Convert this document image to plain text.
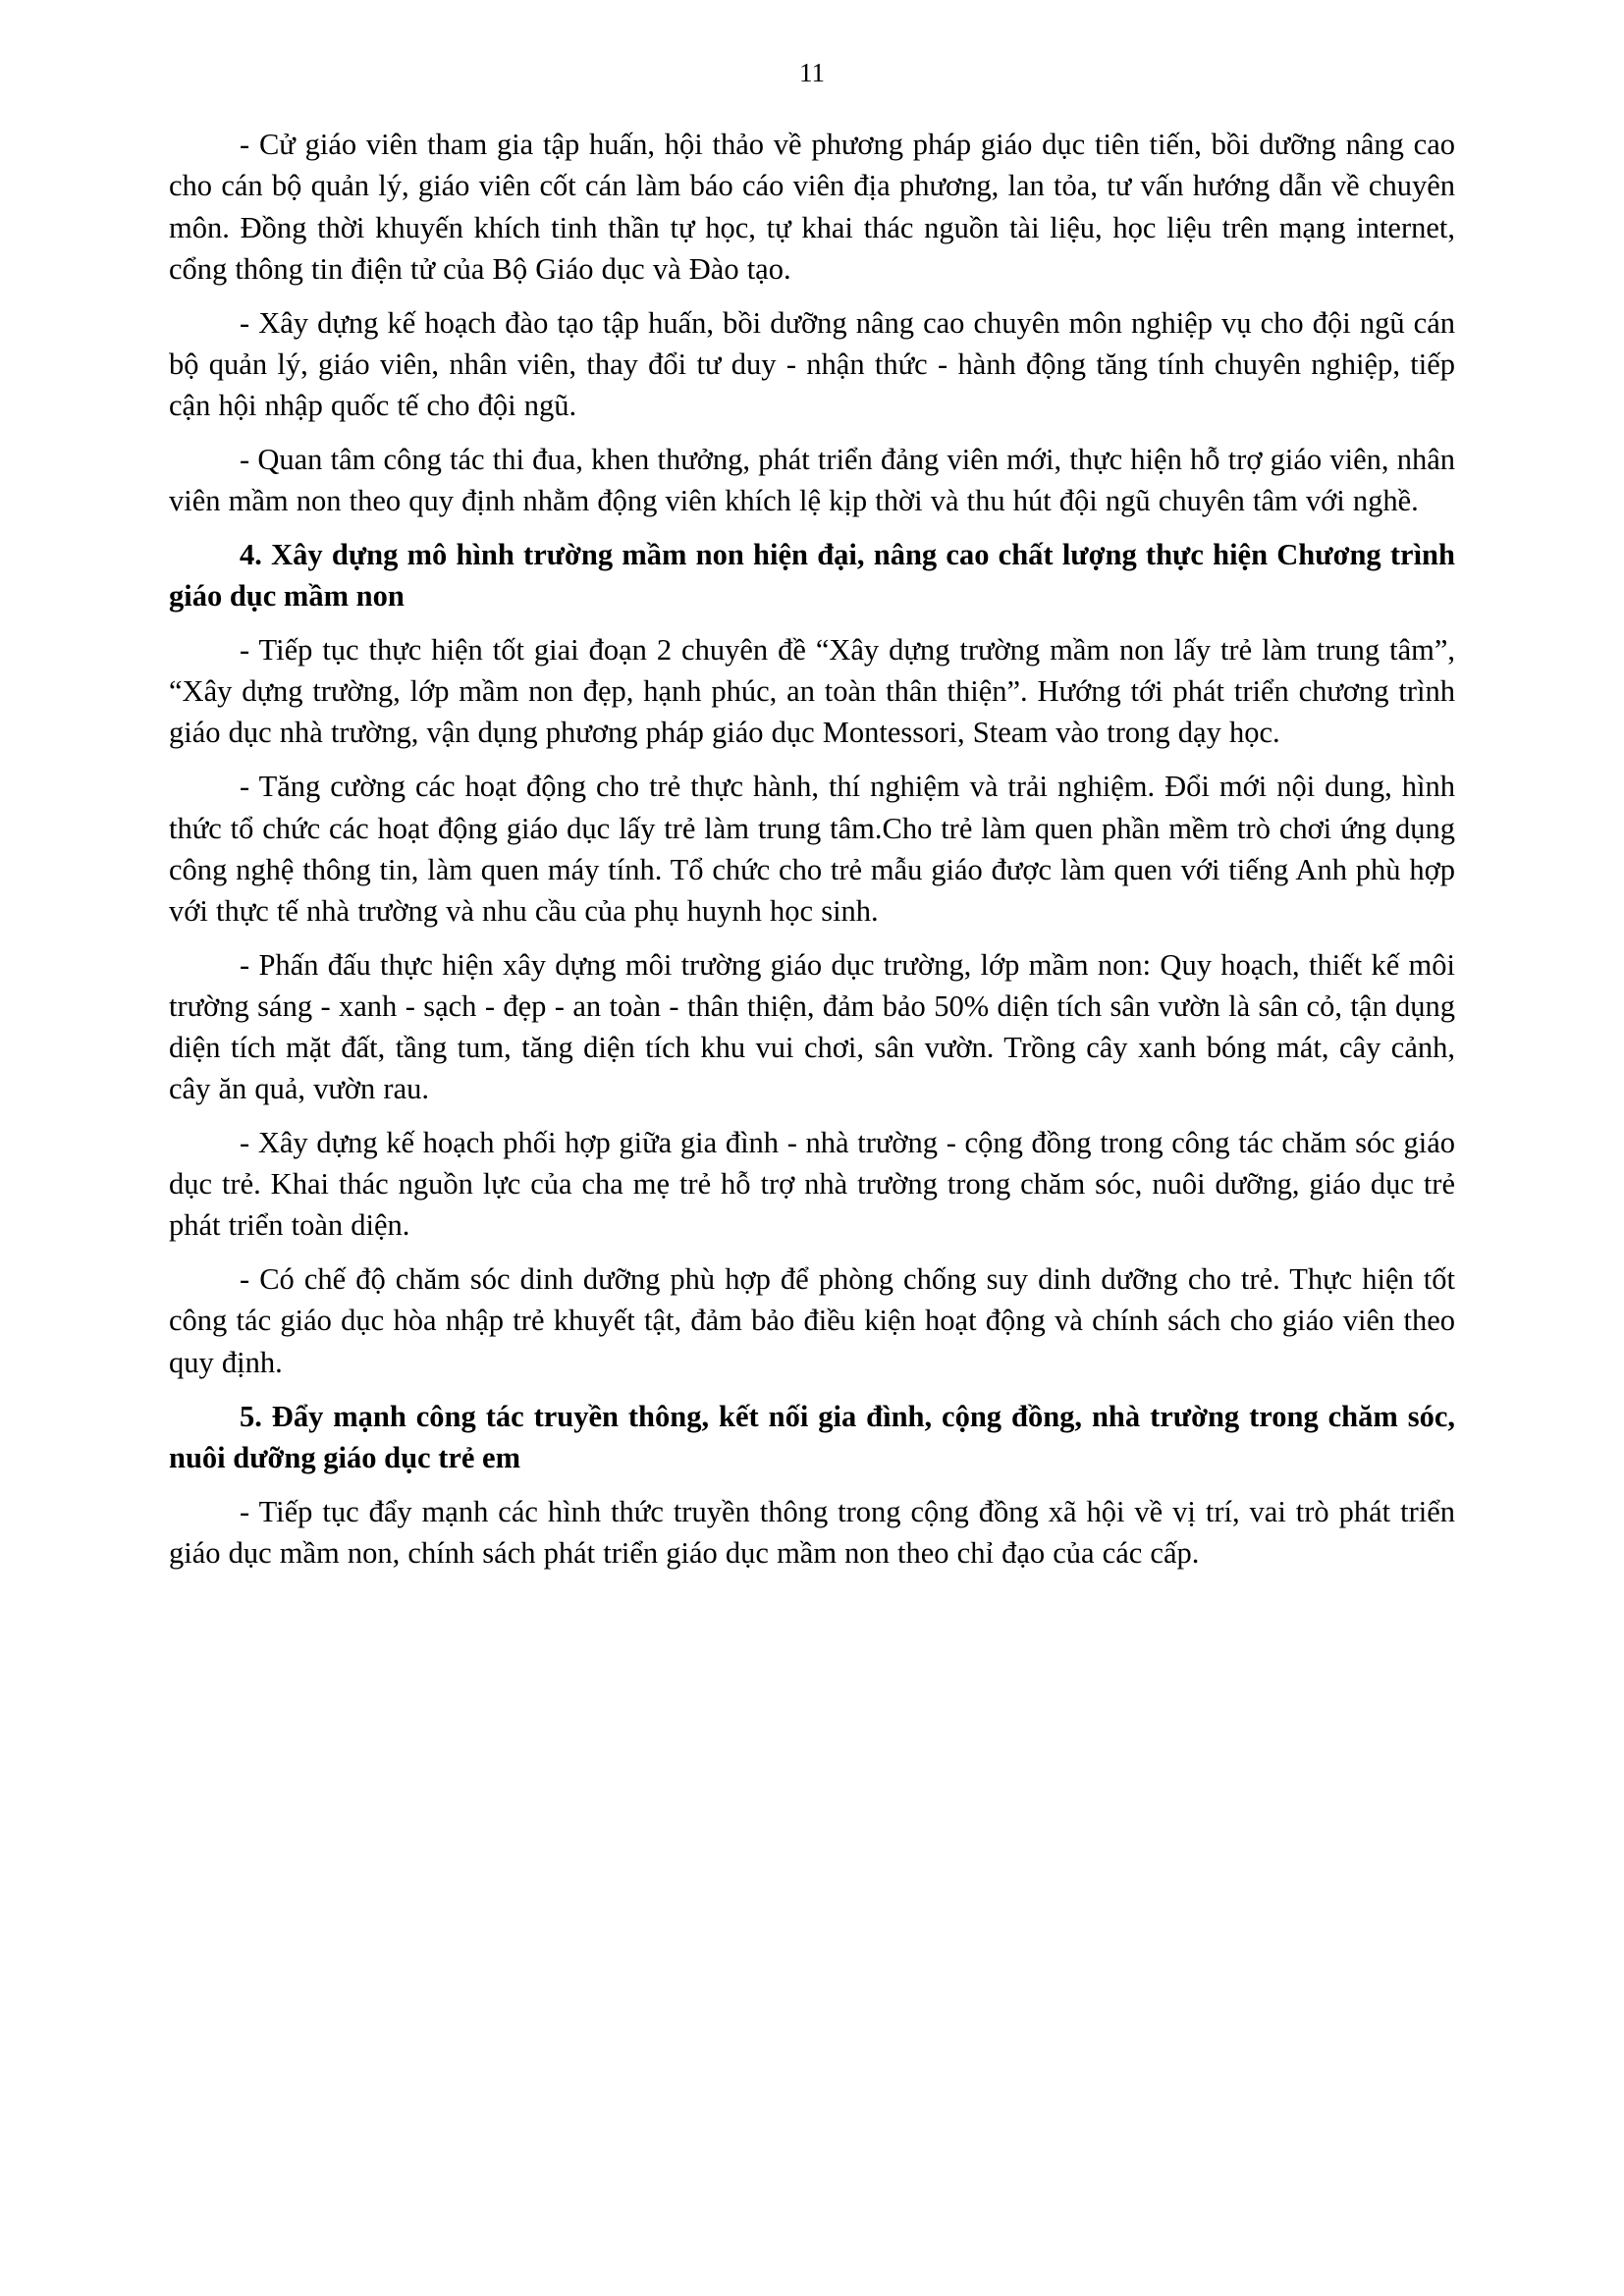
11

- Cử giáo viên tham gia tập huấn, hội thảo về phương pháp giáo dục tiên tiến, bồi dưỡng nâng cao cho cán bộ quản lý, giáo viên cốt cán làm báo cáo viên địa phương, lan tỏa, tư vấn hướng dẫn về chuyên môn. Đồng thời khuyến khích tinh thần tự học, tự khai thác nguồn tài liệu, học liệu trên mạng internet, cổng thông tin điện tử của Bộ Giáo dục và Đào tạo.

- Xây dựng kế hoạch đào tạo tập huấn, bồi dưỡng nâng cao chuyên môn nghiệp vụ cho đội ngũ cán bộ quản lý, giáo viên, nhân viên, thay đổi tư duy - nhận thức - hành động tăng tính chuyên nghiệp, tiếp cận hội nhập quốc tế cho đội ngũ.

- Quan tâm công tác thi đua, khen thưởng, phát triển đảng viên mới, thực hiện hỗ trợ giáo viên, nhân viên mầm non theo quy định nhằm động viên khích lệ kịp thời và thu hút đội ngũ chuyên tâm với nghề.

4. Xây dựng mô hình trường mầm non hiện đại, nâng cao chất lượng thực hiện Chương trình giáo dục mầm non

- Tiếp tục thực hiện tốt giai đoạn 2 chuyên đề “Xây dựng trường mầm non lấy trẻ làm trung tâm”, “Xây dựng trường, lớp mầm non đẹp, hạnh phúc, an toàn thân thiện”. Hướng tới phát triển chương trình giáo dục nhà trường, vận dụng phương pháp giáo dục Montessori, Steam vào trong dạy học.

- Tăng cường các hoạt động cho trẻ thực hành, thí nghiệm và trải nghiệm. Đổi mới nội dung, hình thức tổ chức các hoạt động giáo dục lấy trẻ làm trung tâm.Cho trẻ làm quen phần mềm trò chơi ứng dụng công nghệ thông tin, làm quen máy tính. Tổ chức cho trẻ mẫu giáo được làm quen với tiếng Anh phù hợp với thực tế nhà trường và nhu cầu của phụ huynh học sinh.

- Phấn đấu thực hiện xây dựng môi trường giáo dục trường, lớp mầm non: Quy hoạch, thiết kế môi trường sáng - xanh - sạch - đẹp - an toàn - thân thiện, đảm bảo 50% diện tích sân vườn là sân cỏ, tận dụng diện tích mặt đất, tầng tum, tăng diện tích khu vui chơi, sân vườn. Trồng cây xanh bóng mát, cây cảnh, cây ăn quả, vườn rau.

- Xây dựng kế hoạch phối hợp giữa gia đình - nhà trường - cộng đồng trong công tác chăm sóc giáo dục trẻ. Khai thác nguồn lực của cha mẹ trẻ hỗ trợ nhà trường trong chăm sóc, nuôi dưỡng, giáo dục trẻ phát triển toàn diện.

- Có chế độ chăm sóc dinh dưỡng phù hợp để phòng chống suy dinh dưỡng cho trẻ. Thực hiện tốt công tác giáo dục hòa nhập trẻ khuyết tật, đảm bảo điều kiện hoạt động và chính sách cho giáo viên theo quy định.

5. Đẩy mạnh công tác truyền thông, kết nối gia đình, cộng đồng, nhà trường trong chăm sóc, nuôi dưỡng giáo dục trẻ em

- Tiếp tục đẩy mạnh các hình thức truyền thông trong cộng đồng xã hội về vị trí, vai trò phát triển giáo dục mầm non, chính sách phát triển giáo dục mầm non theo chỉ đạo của các cấp.
